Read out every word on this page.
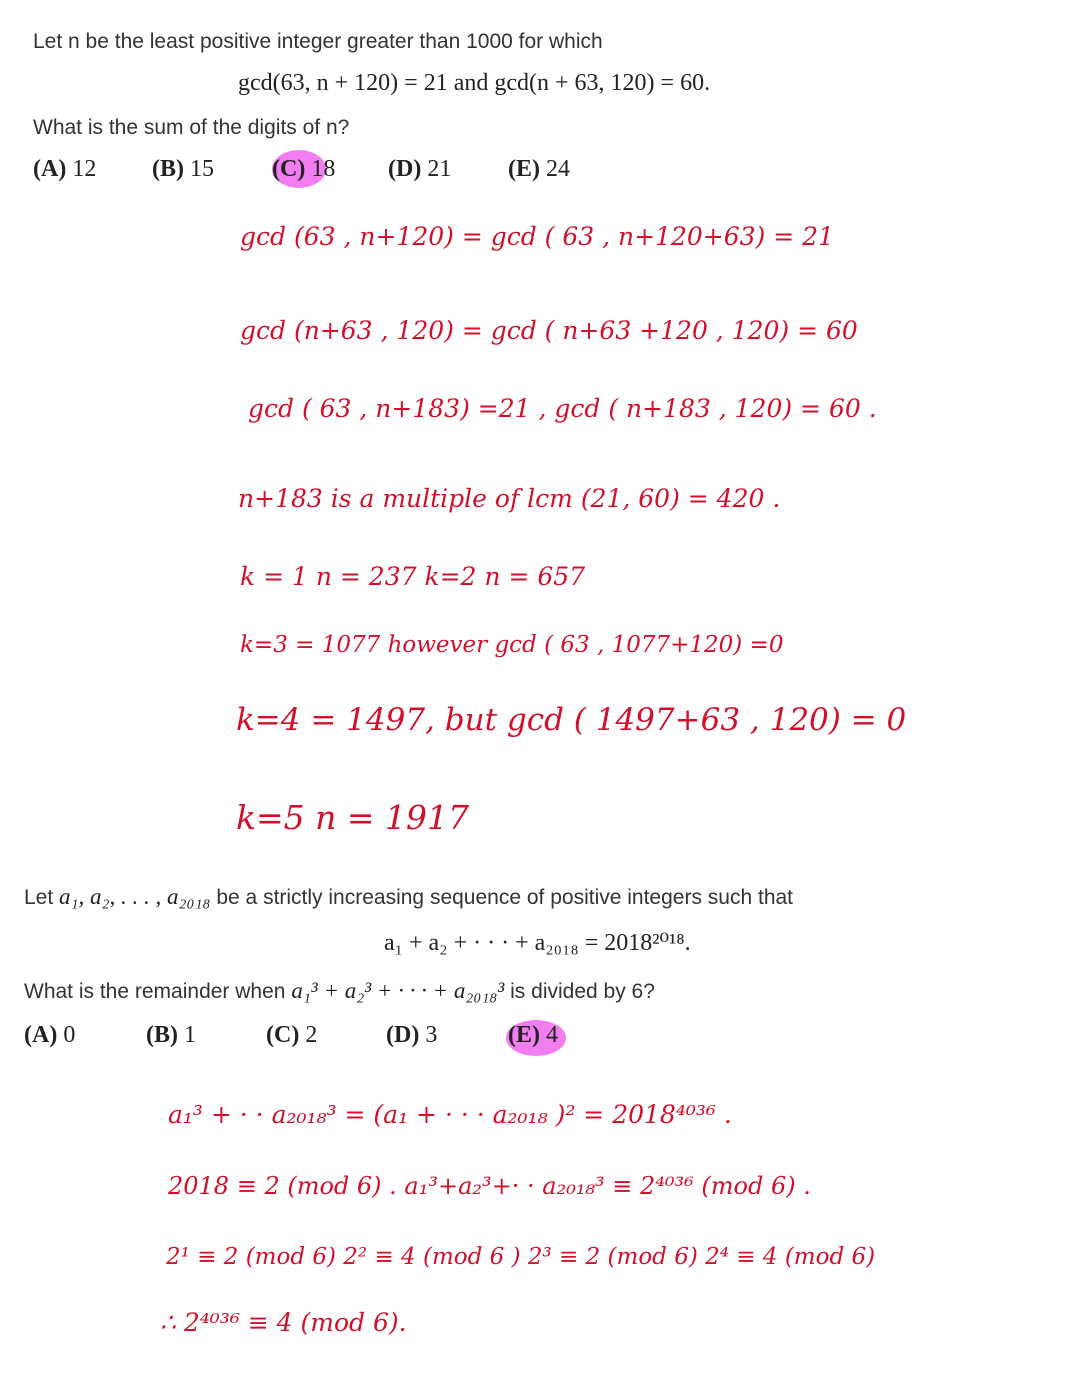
Let n be the least positive integer greater than 1000 for which
gcd(63, n + 120) = 21 and gcd(n + 63, 120) = 60.
What is the sum of the digits of n?
(A) 12 (B) 15 (C) 18 (D) 21 (E) 24
gcd (63 , n+120) = gcd ( 63 , n+120+63) = 21
gcd (n+63 , 120) = gcd ( n+63 +120 , 120) = 60
gcd ( 63 , n+183) =21 , gcd ( n+183 , 120) = 60 .
n+183 is a multiple of lcm (21, 60) = 420 .
k = 1 n = 237 k=2 n = 657
k=3 = 1077 however gcd ( 63 , 1077+120) =0
k=4 = 1497, but gcd ( 1497+63 , 120) = 0
k=5 n = 1917
Let a₁, a₂, . . . , a₂₀₁₈ be a strictly increasing sequence of positive integers such that
a₁ + a₂ + · · · + a₂₀₁₈ = 2018²⁰¹⁸.
What is the remainder when a₁³ + a₂³ + · · · + a₂₀₁₈³ is divided by 6?
(A) 0	(B) 1	(C) 2	(D) 3	(E) 4
a₁³ + · · a₂₀₁₈³ = (a₁ + · · · a₂₀₁₈ )² = 2018⁴⁰³⁶ .
2018 ≡ 2 (mod 6) . a₁³+a₂³+· · a₂₀₁₈³ ≡ 2⁴⁰³⁶ (mod 6) .
2¹ ≡ 2 (mod 6) 2² ≡ 4 (mod 6 ) 2³ ≡ 2 (mod 6) 2⁴ ≡ 4 (mod 6)
∴ 2⁴⁰³⁶ ≡ 4 (mod 6).
